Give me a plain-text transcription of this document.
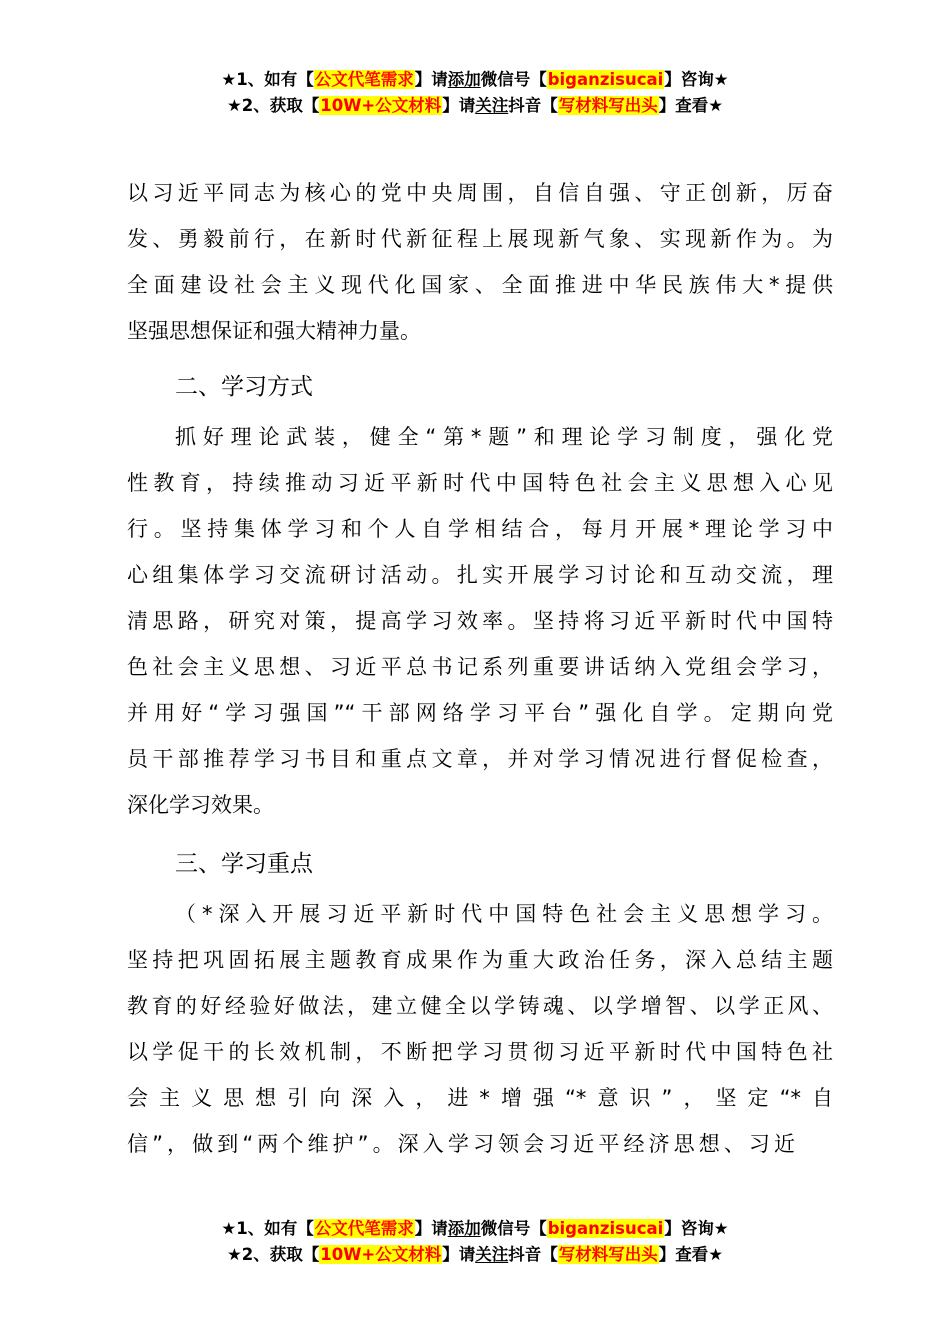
★1、如有【公文代笔需求】请添加微信号【biganzisucai】咨询★
★2、获取【10W+公文材料】请关注抖音【写材料写出头】查看★
以习近平同志为核心的党中央周围，自信自强、守正创新，厉奋
发、勇毅前行，在新时代新征程上展现新气象、实现新作为。为
全面建设社会主义现代化国家、全面推进中华民族伟大*提供
坚强思想保证和强大精神力量。
二、学习方式
抓好理论武装，健全“第*题”和理论学习制度，强化党
性教育，持续推动习近平新时代中国特色社会主义思想入心见
行。坚持集体学习和个人自学相结合，每月开展*理论学习中
心组集体学习交流研讨活动。扎实开展学习讨论和互动交流，理
清思路，研究对策，提高学习效率。坚持将习近平新时代中国特
色社会主义思想、习近平总书记系列重要讲话纳入党组会学习，
并用好“学习强国”“干部网络学习平台”强化自学。定期向党
员干部推荐学习书目和重点文章，并对学习情况进行督促检查，
深化学习效果。
三、学习重点
（*深入开展习近平新时代中国特色社会主义思想学习。
坚持把巩固拓展主题教育成果作为重大政治任务，深入总结主题
教育的好经验好做法，建立健全以学铸魂、以学增智、以学正风、
以学促干的长效机制，不断把学习贯彻习近平新时代中国特色社
会主义思想引向深入，进*增强“*意识”，坚定“*自
信”，做到“两个维护”。深入学习领会习近平经济思想、习近
★1、如有【公文代笔需求】请添加微信号【biganzisucai】咨询★
★2、获取【10W+公文材料】请关注抖音【写材料写出头】查看★
